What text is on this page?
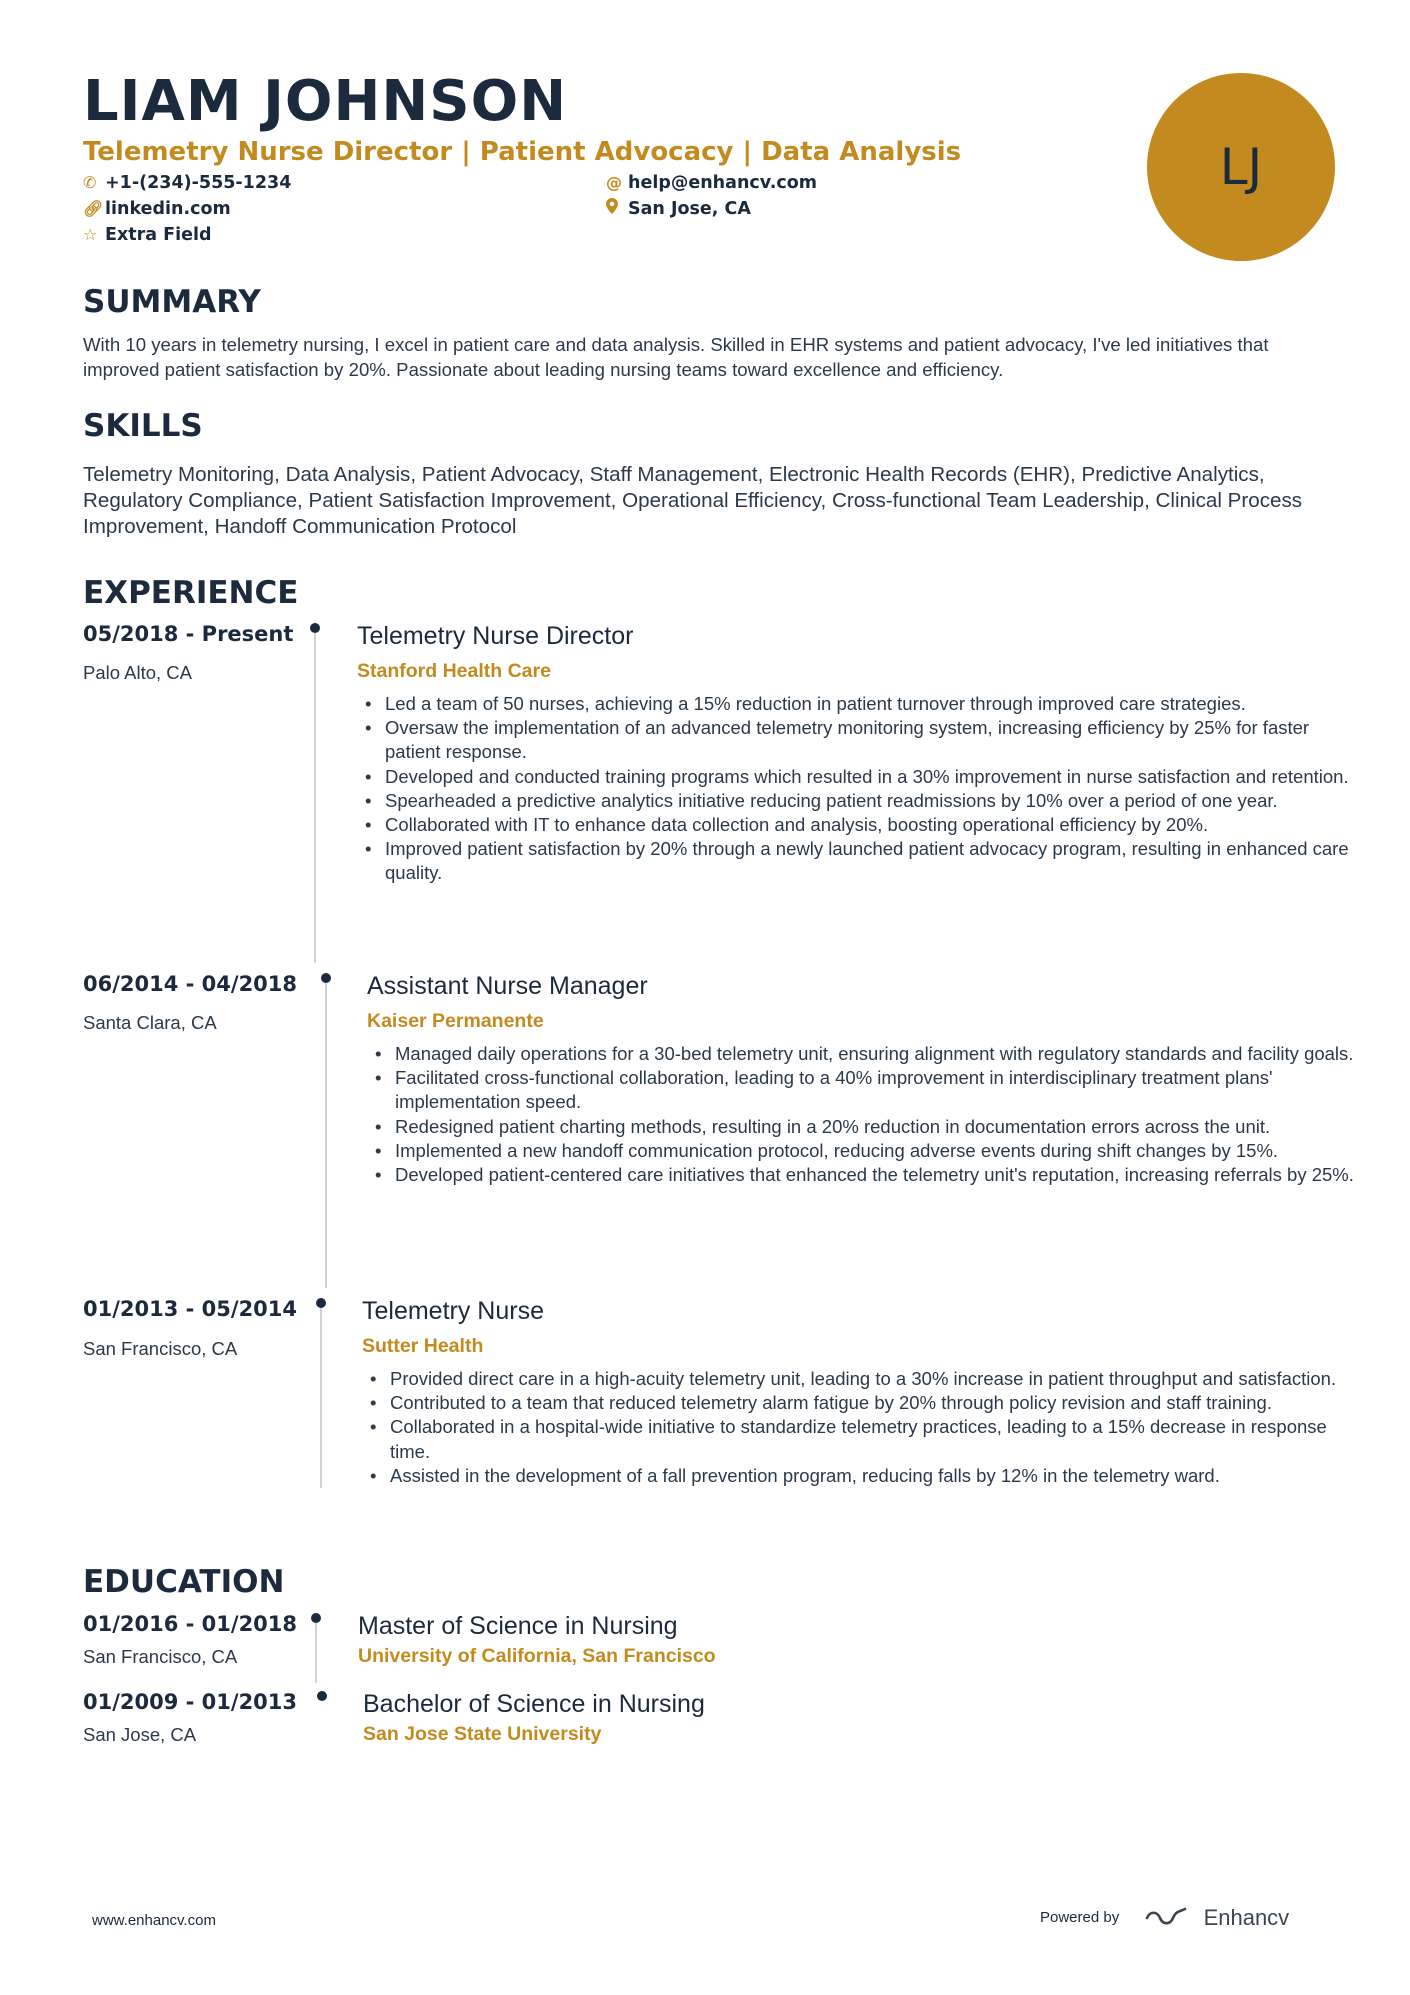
LIAM JOHNSON
Telemetry Nurse Director | Patient Advocacy | Data Analysis
✆ +1-(234)-555-1234	@ help@enhancv.com
🔗︎linkedin.com	San Jose, CA
☆ Extra Field
LJ
SUMMARY

With 10 years in telemetry nursing, I excel in patient care and data analysis. Skilled in EHR systems and patient advocacy, I've led initiatives that improved patient satisfaction by 20%. Passionate about leading nursing teams toward excellence and efficiency.

SKILLS

Telemetry Monitoring, Data Analysis, Patient Advocacy, Staff Management, Electronic Health Records (EHR), Predictive Analytics, Regulatory Compliance, Patient Satisfaction Improvement, Operational Efficiency, Cross-functional Team Leadership, Clinical Process Improvement, Handoff Communication Protocol

EXPERIENCE
05/2018 - Present
Palo Alto, CA
Telemetry Nurse Director
Stanford Health Care
• Led a team of 50 nurses, achieving a 15% reduction in patient turnover through improved care strategies.
• Oversaw the implementation of an advanced telemetry monitoring system, increasing efficiency by 25% for faster patient response.
• Developed and conducted training programs which resulted in a 30% improvement in nurse satisfaction and retention.
• Spearheaded a predictive analytics initiative reducing patient readmissions by 10% over a period of one year.
• Collaborated with IT to enhance data collection and analysis, boosting operational efficiency by 20%.
• Improved patient satisfaction by 20% through a newly launched patient advocacy program, resulting in enhanced care quality.
06/2014 - 04/2018
Santa Clara, CA
Assistant Nurse Manager
Kaiser Permanente
• Managed daily operations for a 30-bed telemetry unit, ensuring alignment with regulatory standards and facility goals.
• Facilitated cross-functional collaboration, leading to a 40% improvement in interdisciplinary treatment plans' implementation speed.
• Redesigned patient charting methods, resulting in a 20% reduction in documentation errors across the unit.
• Implemented a new handoff communication protocol, reducing adverse events during shift changes by 15%.
• Developed patient-centered care initiatives that enhanced the telemetry unit's reputation, increasing referrals by 25%.
01/2013 - 05/2014
San Francisco, CA
Telemetry Nurse
Sutter Health
• Provided direct care in a high-acuity telemetry unit, leading to a 30% increase in patient throughput and satisfaction.
• Contributed to a team that reduced telemetry alarm fatigue by 20% through policy revision and staff training.
• Collaborated in a hospital-wide initiative to standardize telemetry practices, leading to a 15% decrease in response time.
• Assisted in the development of a fall prevention program, reducing falls by 12% in the telemetry ward.
EDUCATION
01/2016 - 01/2018
San Francisco, CA
Master of Science in Nursing
University of California, San Francisco
01/2009 - 01/2013
San Jose, CA
Bachelor of Science in Nursing
San Jose State University
www.enhancv.com	Powered by	Enhancv
